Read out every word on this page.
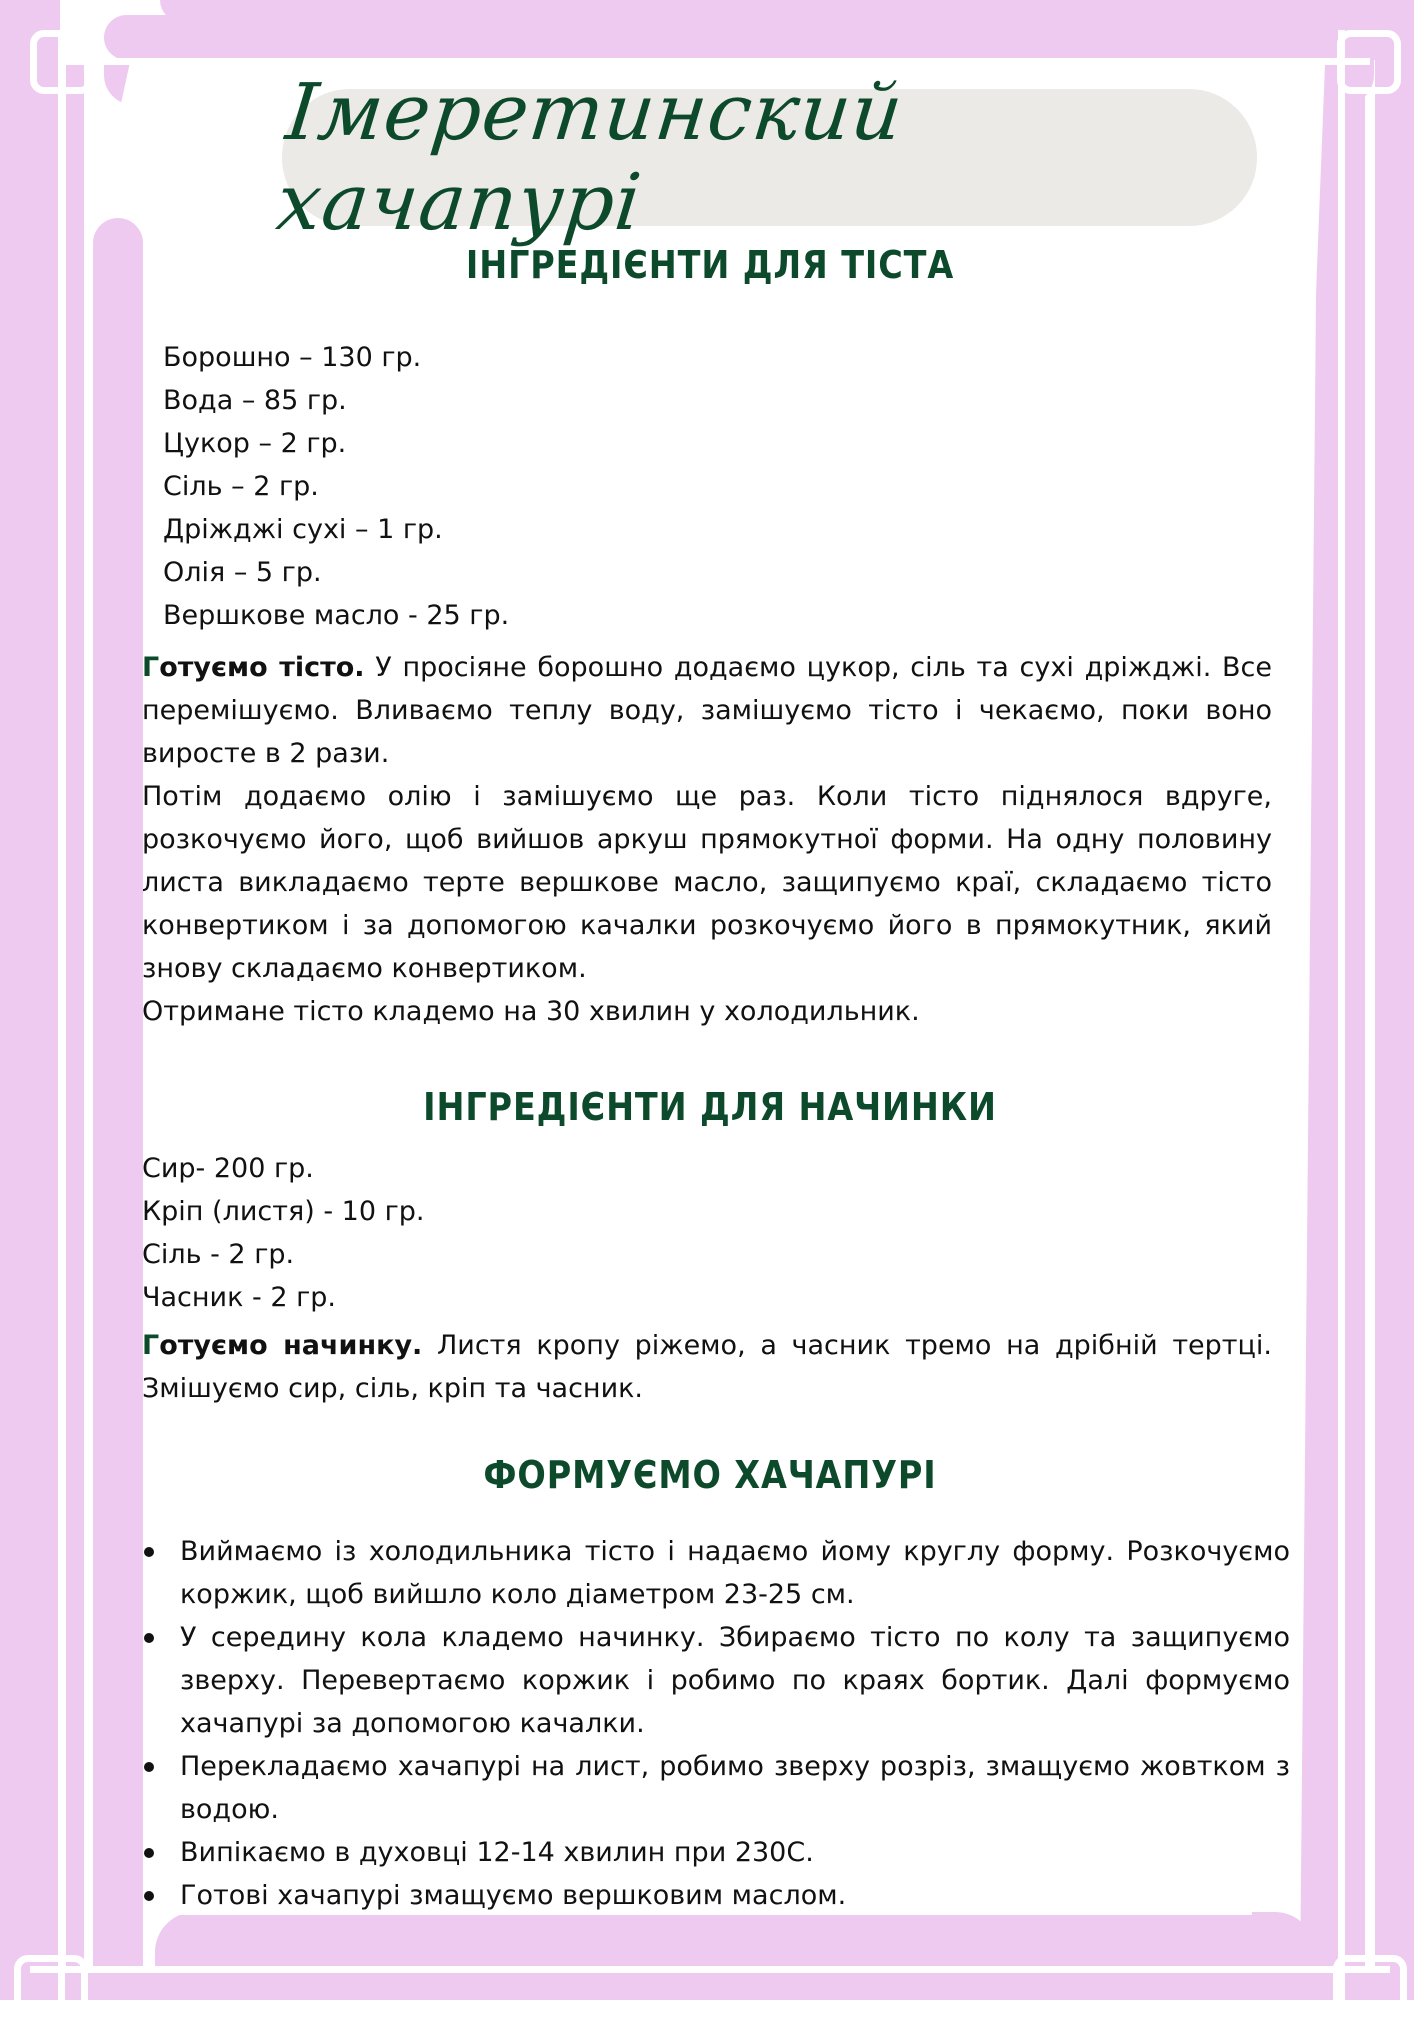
Імеретинский хачапурі
ІНГРЕДІЄНТИ ДЛЯ ТІСТА
Борошно – 130 гр.
Вода – 85 гр.
Цукор – 2 гр.
Сіль – 2 гр.
Дріжджі сухі – 1 гр.
Олія – 5 гр.
Вершкове масло - 25 гр.

Готуємо тісто. У просіяне борошно додаємо цукор, сіль та сухі дріжджі. Все перемішуємо. Вливаємо теплу воду, замішуємо тісто і чекаємо, поки воно виросте в 2 рази.

Потім додаємо олію і замішуємо ще раз. Коли тісто піднялося вдруге, розкочуємо його, щоб вийшов аркуш прямокутної форми. На одну половину листа викладаємо терте вершкове масло, защипуємо краї, складаємо тісто конвертиком і за допомогою качалки розкочуємо його в прямокутник, який знову складаємо конвертиком.

Отримане тісто кладемо на 30 хвилин у холодильник.

ІНГРЕДІЄНТИ ДЛЯ НАЧИНКИ
Сир- 200 гр.
Кріп (листя) - 10 гр.
Сіль - 2 гр.
Часник - 2 гр.

Готуємо начинку. Листя кропу ріжемо, а часник тремо на дрібній тертці. Змішуємо сир, сіль, кріп та часник.

ФОРМУЄМО ХАЧАПУРІ
Виймаємо із холодильника тісто і надаємо йому круглу форму. Розкочуємо коржик, щоб вийшло коло діаметром 23-25 см.
У середину кола кладемо начинку. Збираємо тісто по колу та защипуємо зверху. Перевертаємо коржик і робимо по краях бортик. Далі формуємо хачапурі за допомогою качалки.
Перекладаємо хачапурі на лист, робимо зверху розріз, змащуємо жовтком з водою.
Випікаємо в духовці 12-14 хвилин при 230С.
Готові хачапурі змащуємо вершковим маслом.
